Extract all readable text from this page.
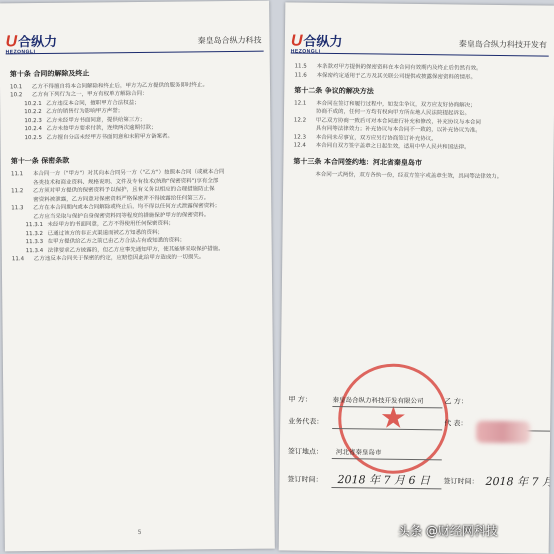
U合纵力
HEZONGLI
秦皇岛合纵力科技
第十条 合同的解除及终止
10.1 乙方不得擅自将本合同解除和终止后，甲方为乙方提供的服务即时终止。
10.2 乙方有下列行为之一，甲方有权单方解除合同：
10.2.1 乙方违反本合同，擅职甲方合法权益；
10.2.2 乙方的销售行为影响甲方声誉；
10.2.3 乙方未经甲方书面同意，提供给第三方；
10.2.4 乙方未按甲方要求付款，连续两次逾期付款；
10.2.5 乙方擅自分店未经甲方书面同意和未附甲方备案者。
第十一条 保密条款
11.1 本合同一方（"甲方"）对其向本合同另一方（"乙方"）按照本合同（或就本合同
各类技术和商业资料、规格说明、文件及专有技术(统称"保密资料")享有全部
11.2 乙方须对甲方提供的保密资料予以保护，且有义务以相应的合理措施防止保
密资料被泄露，乙方同意对保密资料严格保密并不得披露给任何第三方。
11.3 乙方在本合同期内或本合同解除或终止后，均不得以任何方式泄露保密资料；
乙方应当采取与保护自身保密资料同等程度的措施保护甲方的保密资料。
11.3.1 未经甲方的书面同意，乙方不得使用任何保密资料；
11.3.2 已通过该方的非正式渠道而被乙方知悉的资料；
11.3.3 在甲方提供给乙方之前已由乙方合法占有或知悉的资料；
11.3.4 法律要求乙方披露的，但乙方应事先通知甲方，使其能够采取保护措施。
11.4 乙方违反本合同关于保密的约定，应赔偿因此给甲方造成的一切损失。
5
U合纵力
HEZONGLI
秦皇岛合纵力科技开发有
11.5 本条款对甲方提供的保密资料在本合同有效期内及终止后仍然有效。
11.6 本保密约定适用于乙方及其关联公司提供或披露保密资料的情形。
第十二条 争议的解决方法
12.1 本合同在签订和履行过程中，如发生争议，双方应友好协商解决；
协商不成的，任何一方均有权向甲方所在地人民法院提起诉讼。
12.2 甲乙双方协商一致后可对本合同进行补充和修改，补充协议与本合同
具有同等法律效力；补充协议与本合同不一致的，以补充协议为准。
12.3 本合同未尽事宜，双方应另行协商签订补充协议。
12.4 本合同自双方签字盖章之日起生效，适用中华人民共和国法律。
第十三条 本合同签约地：河北省秦皇岛市
本合同一式两份，双方各执一份，经双方签字或盖章生效，具同等法律效力。
★
甲 方：	秦皇岛合纵力科技开发有限公司	乙 方：
业务代表：	代 表：
签订地点： 河北省秦皇岛市
签订时间： 2018 年 7 月 6 日 签订时间： 2018 年 7 月
头条 @财经网科技
